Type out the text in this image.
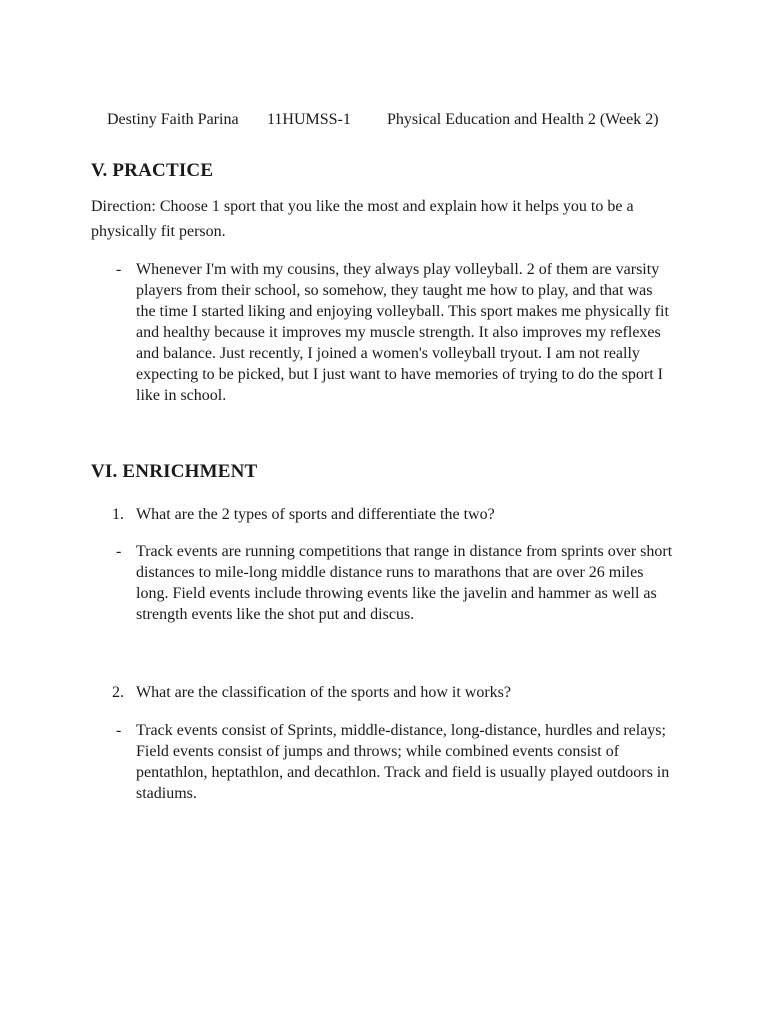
Destiny Faith Parina 11HUMSS-1 Physical Education and Health 2 (Week 2)

V. PRACTICE
Direction: Choose 1 sport that you like the most and explain how it helps you to be a physically fit person.
- Whenever I'm with my cousins, they always play volleyball. 2 of them are varsity players from their school, so somehow, they taught me how to play, and that was the time I started liking and enjoying volleyball. This sport makes me physically fit and healthy because it improves my muscle strength. It also improves my reflexes and balance. Just recently, I joined a women's volleyball tryout. I am not really expecting to be picked, but I just want to have memories of trying to do the sport I like in school.
VI. ENRICHMENT
1. What are the 2 types of sports and differentiate the two?
- Track events are running competitions that range in distance from sprints over short distances to mile-long middle distance runs to marathons that are over 26 miles long. Field events include throwing events like the javelin and hammer as well as strength events like the shot put and discus.
2. What are the classification of the sports and how it works?
- Track events consist of Sprints, middle-distance, long-distance, hurdles and relays; Field events consist of jumps and throws; while combined events consist of pentathlon, heptathlon, and decathlon. Track and field is usually played outdoors in stadiums.
